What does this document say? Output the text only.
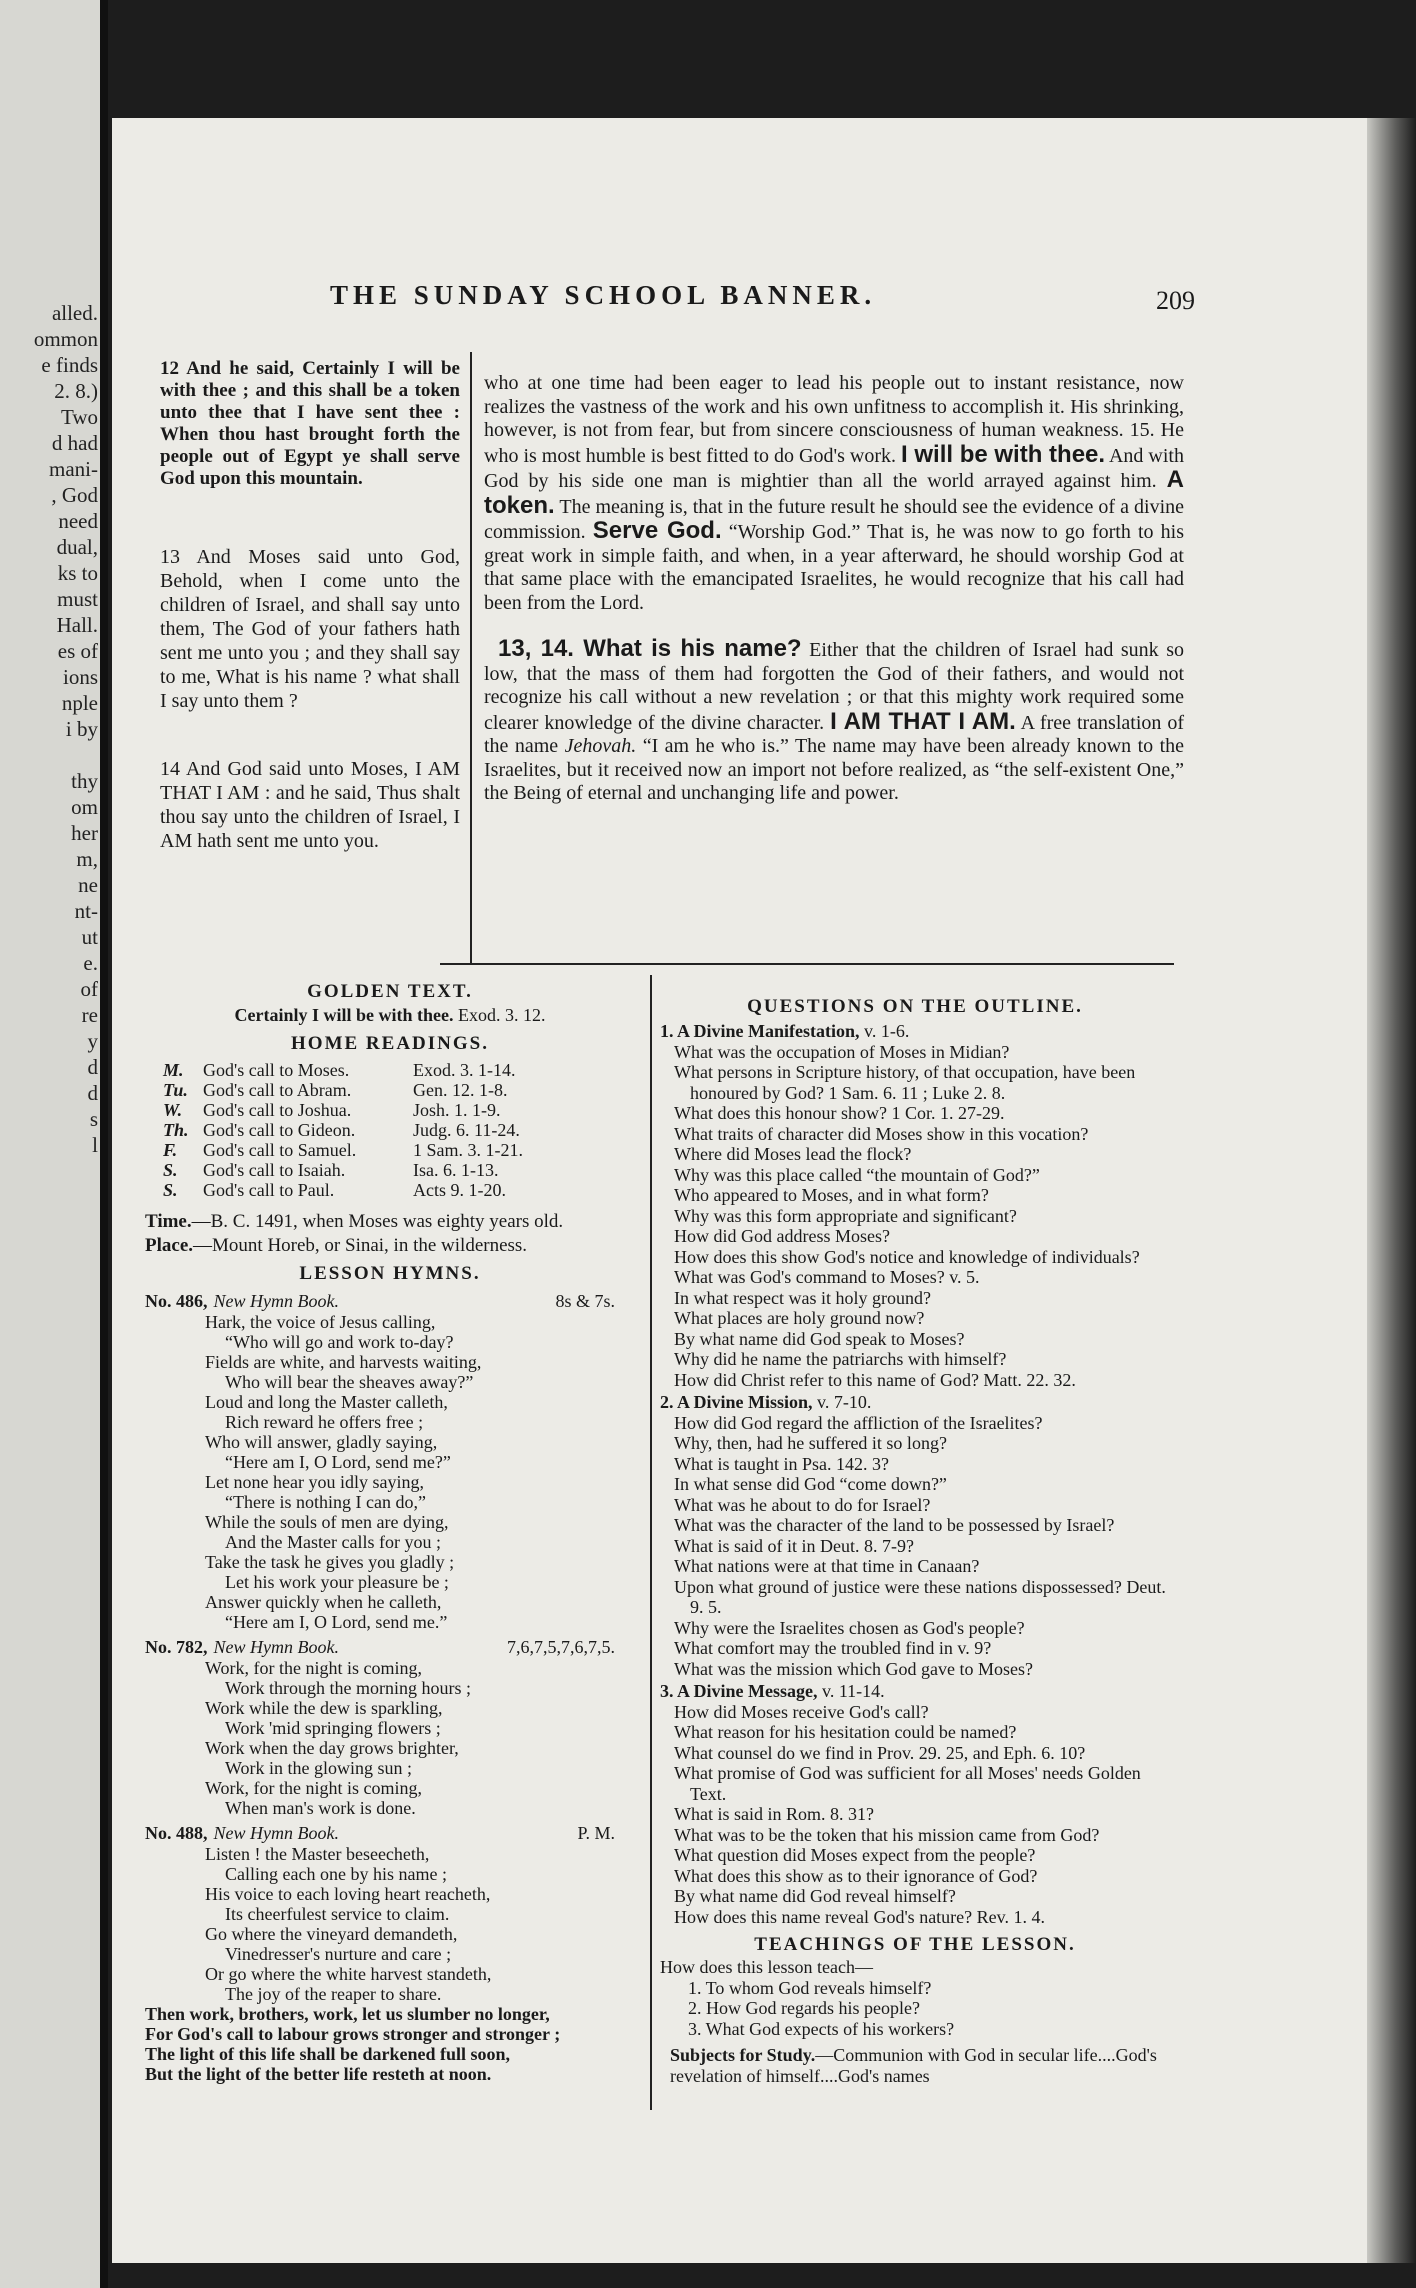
alled.
ommon
e finds
2. 8.)
Two
d had
mani-
, God
need
dual,
ks to
must
Hall.
es of
ions
nple
i by

thy
om
her
m,
ne
nt-
ut
e.
of
re
y
d
d
s
l
THE SUNDAY SCHOOL BANNER.	209

12 And he said, Certainly I will be with thee ; and this shall be a token unto thee that I have sent thee : When thou hast brought forth the people out of Egypt ye shall serve God upon this mountain.

13 And Moses said unto God, Behold, when I come unto the children of Israel, and shall say unto them, The God of your fathers hath sent me unto you ; and they shall say to me, What is his name ? what shall I say unto them ?

14 And God said unto Moses, I AM THAT I AM : and he said, Thus shalt thou say unto the children of Israel, I AM hath sent me unto you.

who at one time had been eager to lead his people out to instant resistance, now realizes the vastness of the work and his own unfitness to accomplish it. His shrinking, however, is not from fear, but from sincere consciousness of human weakness. 15. He who is most humble is best fitted to do God's work. I will be with thee. And with God by his side one man is mightier than all the world arrayed against him. A token. The meaning is, that in the future result he should see the evidence of a divine commission. Serve God. “Worship God.” That is, he was now to go forth to his great work in simple faith, and when, in a year afterward, he should worship God at that same place with the emancipated Israelites, he would recognize that his call had been from the Lord.

13, 14. What is his name? Either that the children of Israel had sunk so low, that the mass of them had forgotten the God of their fathers, and would not recognize his call without a new revelation ; or that this mighty work required some clearer knowledge of the divine character. I AM THAT I AM. A free translation of the name Jehovah. “I am he who is.” The name may have been already known to the Israelites, but it received now an import not before realized, as “the self-existent One,” the Being of eternal and unchanging life and power.

GOLDEN TEXT.
Certainly I will be with thee. Exod. 3. 12.
HOME READINGS.
M.	God's call to Moses.	Exod. 3. 1-14.
Tu. God's call to Abram.	Gen. 12. 1-8.
W.	God's call to Joshua.	Josh. 1. 1-9.
Th. God's call to Gideon.	Judg. 6. 11-24.
F.	God's call to Samuel.	1 Sam. 3. 1-21.
S.	God's call to Isaiah.	Isa. 6. 1-13.
S.	God's call to Paul.	Acts 9. 1-20.
Time.—B. C. 1491, when Moses was eighty years old.
Place.—Mount Horeb, or Sinai, in the wilderness.
LESSON HYMNS.
No. 486, New Hymn Book.	8s & 7s.
Hark, the voice of Jesus calling,
“Who will go and work to-day?
Fields are white, and harvests waiting,
Who will bear the sheaves away?”
Loud and long the Master calleth,
Rich reward he offers free ;
Who will answer, gladly saying,
“Here am I, O Lord, send me?”
Let none hear you idly saying,
“There is nothing I can do,”
While the souls of men are dying,
And the Master calls for you ;
Take the task he gives you gladly ;
Let his work your pleasure be ;
Answer quickly when he calleth,
“Here am I, O Lord, send me.”
No. 782, New Hymn Book.	7,6,7,5,7,6,7,5.
Work, for the night is coming,
Work through the morning hours ;
Work while the dew is sparkling,
Work 'mid springing flowers ;
Work when the day grows brighter,
Work in the glowing sun ;
Work, for the night is coming,
When man's work is done.
No. 488, New Hymn Book.	P. M.
Listen ! the Master beseecheth,
Calling each one by his name ;
His voice to each loving heart reacheth,
Its cheerfulest service to claim.
Go where the vineyard demandeth,
Vinedresser's nurture and care ;
Or go where the white harvest standeth,
The joy of the reaper to share.
Then work, brothers, work, let us slumber no longer,
For God's call to labour grows stronger and stronger ;
The light of this life shall be darkened full soon,
But the light of the better life resteth at noon.
QUESTIONS ON THE OUTLINE.
1. A Divine Manifestation, v. 1-6.
What was the occupation of Moses in Midian?
What persons in Scripture history, of that occupation, have been honoured by God? 1 Sam. 6. 11 ; Luke 2. 8.
What does this honour show? 1 Cor. 1. 27-29.
What traits of character did Moses show in this vocation?
Where did Moses lead the flock?
Why was this place called “the mountain of God?”
Who appeared to Moses, and in what form?
Why was this form appropriate and significant?
How did God address Moses?
How does this show God's notice and knowledge of individuals?
What was God's command to Moses? v. 5.
In what respect was it holy ground?
What places are holy ground now?
By what name did God speak to Moses?
Why did he name the patriarchs with himself?
How did Christ refer to this name of God? Matt. 22. 32.
2. A Divine Mission, v. 7-10.
How did God regard the affliction of the Israelites?
Why, then, had he suffered it so long?
What is taught in Psa. 142. 3?
In what sense did God “come down?”
What was he about to do for Israel?
What was the character of the land to be possessed by Israel?
What is said of it in Deut. 8. 7-9?
What nations were at that time in Canaan?
Upon what ground of justice were these nations dispossessed? Deut. 9. 5.
Why were the Israelites chosen as God's people?
What comfort may the troubled find in v. 9?
What was the mission which God gave to Moses?
3. A Divine Message, v. 11-14.
How did Moses receive God's call?
What reason for his hesitation could be named?
What counsel do we find in Prov. 29. 25, and Eph. 6. 10?
What promise of God was sufficient for all Moses' needs Golden Text.
What is said in Rom. 8. 31?
What was to be the token that his mission came from God?
What question did Moses expect from the people?
What does this show as to their ignorance of God?
By what name did God reveal himself?
How does this name reveal God's nature? Rev. 1. 4.
TEACHINGS OF THE LESSON.
How does this lesson teach—
1. To whom God reveals himself?
2. How God regards his people?
3. What God expects of his workers?
Subjects for Study.—Communion with God in secular life....God's revelation of himself....God's names
